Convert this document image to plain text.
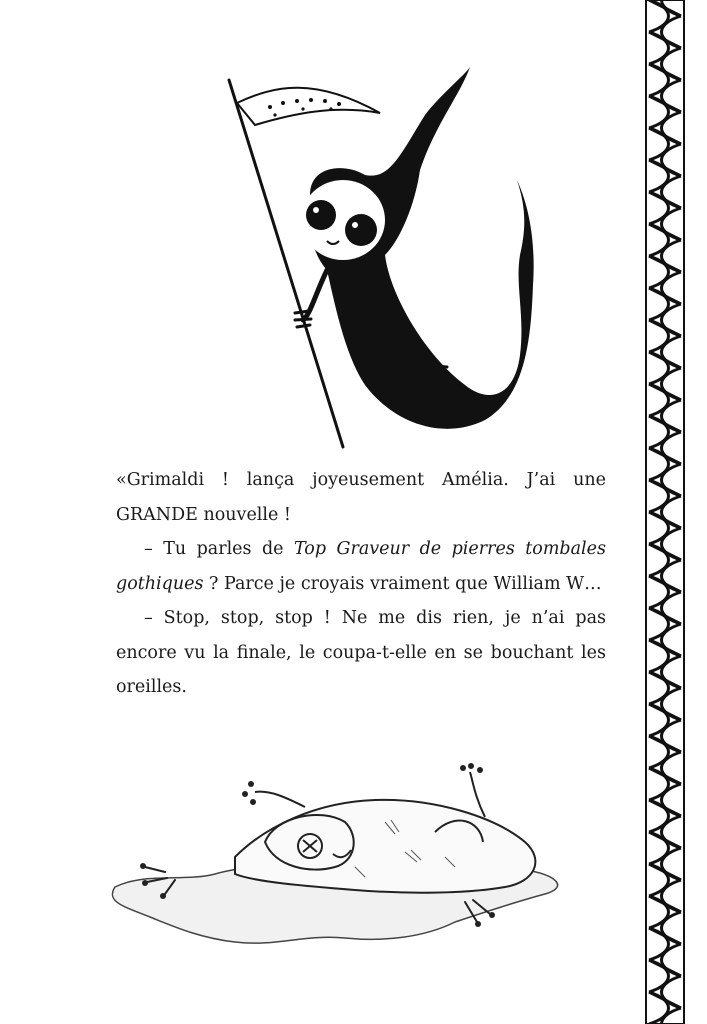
«Grimaldi ! lança joyeusement Amélia. J’ai une GRANDE nouvelle !

– Tu parles de Top Graveur de pierres tombales gothiques ? Parce je croyais vraiment que William W…

– Stop, stop, stop ! Ne me dis rien, je n’ai pas encore vu la finale, le coupa-t-elle en se bouchant les oreilles.
